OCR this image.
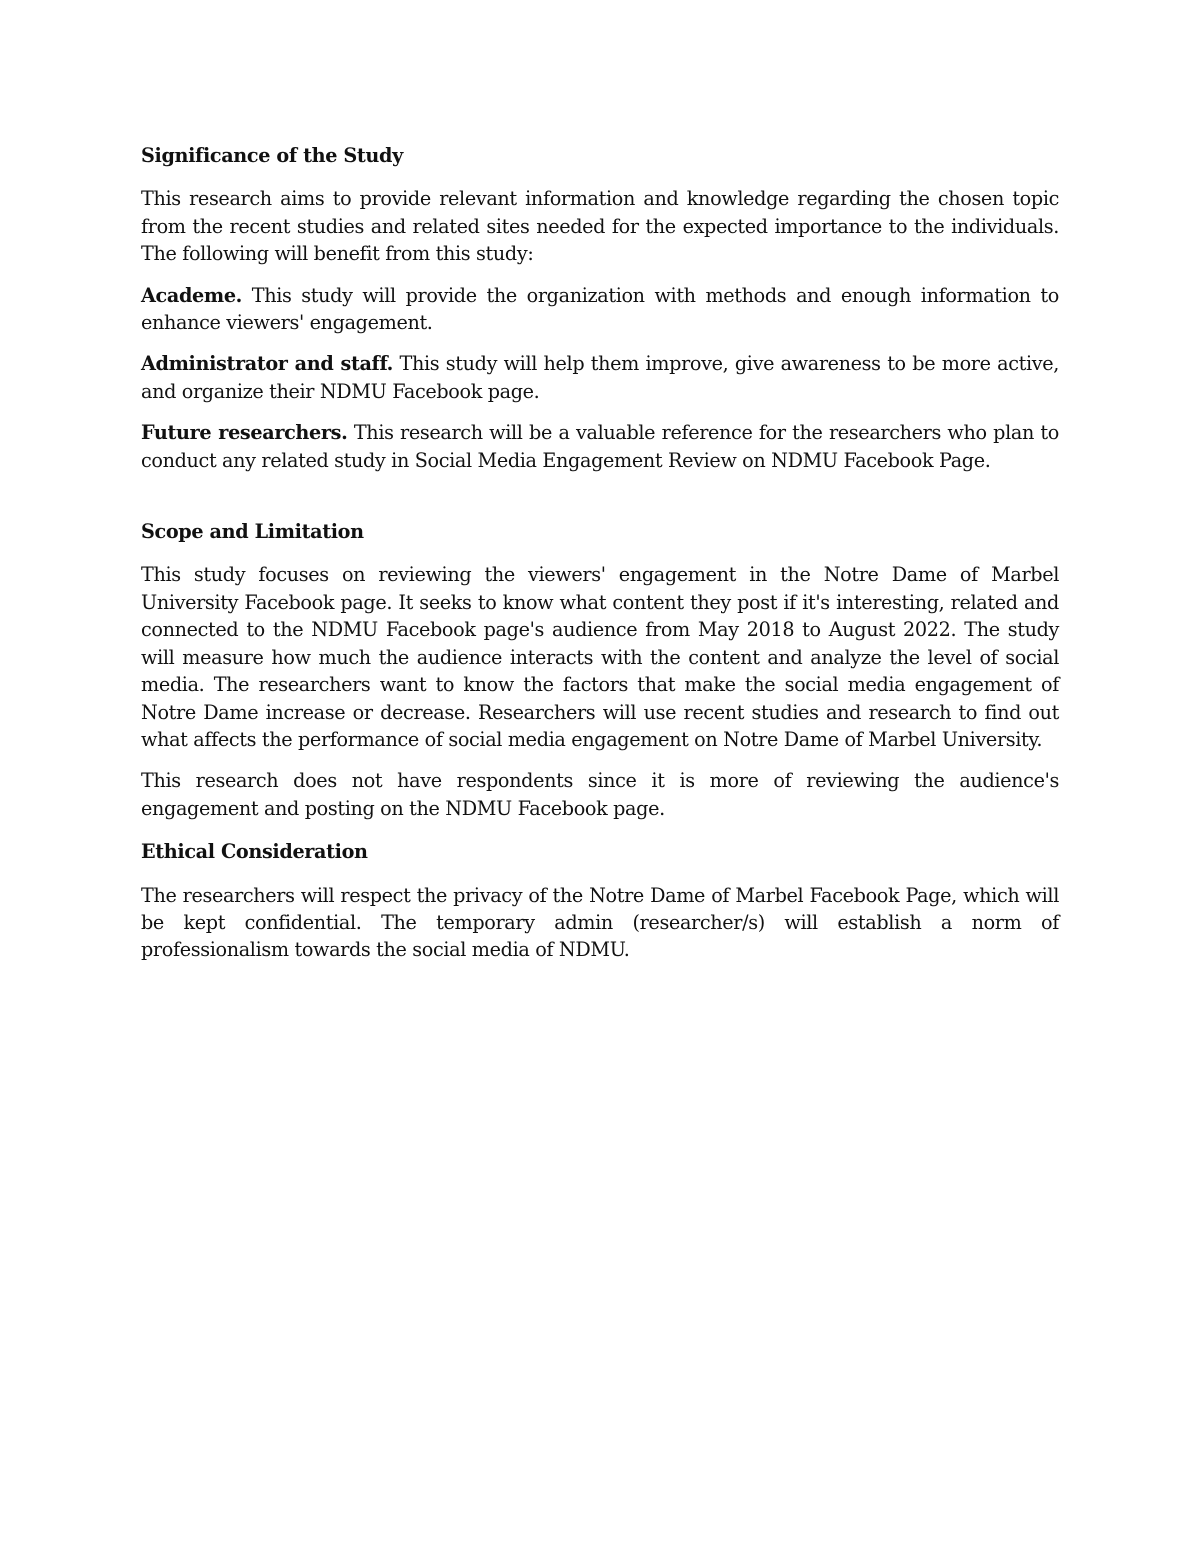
Significance of the Study

This research aims to provide relevant information and knowledge regarding the chosen topic from the recent studies and related sites needed for the expected importance to the individuals. The following will benefit from this study:

Academe. This study will provide the organization with methods and enough information to enhance viewers' engagement.

Administrator and staff. This study will help them improve, give awareness to be more active, and organize their NDMU Facebook page.

Future researchers. This research will be a valuable reference for the researchers who plan to conduct any related study in Social Media Engagement Review on NDMU Facebook Page.

Scope and Limitation

This study focuses on reviewing the viewers' engagement in the Notre Dame of Marbel University Facebook page. It seeks to know what content they post if it's interesting, related and connected to the NDMU Facebook page's audience from May 2018 to August 2022. The study will measure how much the audience interacts with the content and analyze the level of social media. The researchers want to know the factors that make the social media engagement of Notre Dame increase or decrease. Researchers will use recent studies and research to find out what affects the performance of social media engagement on Notre Dame of Marbel University.

This research does not have respondents since it is more of reviewing the audience's engagement and posting on the NDMU Facebook page.

Ethical Consideration

The researchers will respect the privacy of the Notre Dame of Marbel Facebook Page, which will be kept confidential. The temporary admin (researcher/s) will establish a norm of professionalism towards the social media of NDMU.
